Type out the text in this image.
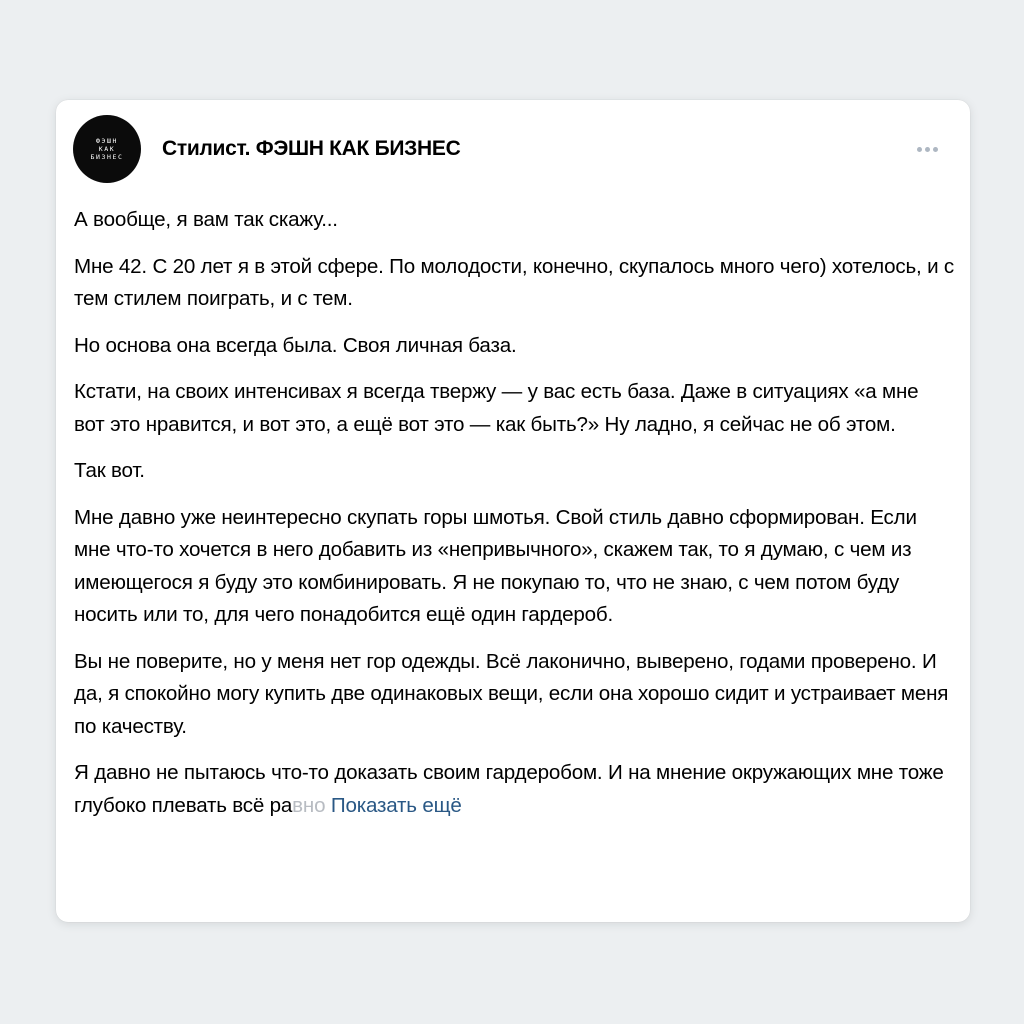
ФЭШН
КАК
БИЗНЕС Стилист. ФЭШН КАК БИЗНЕС

А вообще, я вам так скажу...

Мне 42. С 20 лет я в этой сфере. По молодости, конечно, скупалось много чего) хотелось, и с тем стилем поиграть, и с тем.

Но основа она всегда была. Своя личная база.

Кстати, на своих интенсивах я всегда твержу — у вас есть база. Даже в ситуациях «а мне вот это нравится, и вот это, а ещё вот это — как быть?» Ну ладно, я сейчас не об этом.

Так вот.

Мне давно уже неинтересно скупать горы шмотья. Свой стиль давно сформирован. Если мне что-то хочется в него добавить из «непривычного», скажем так, то я думаю, с чем из имеющегося я буду это комбинировать. Я не покупаю то, что не знаю, с чем потом буду носить или то, для чего понадобится ещё один гардероб.

Вы не поверите, но у меня нет гор одежды. Всё лаконично, выверено, годами проверено. И да, я спокойно могу купить две одинаковых вещи, если она хорошо сидит и устраивает меня по качеству.

Я давно не пытаюсь что-то доказать своим гардеробом. И на мнение окружающих мне тоже глубоко плевать всё равно Показать ещё
